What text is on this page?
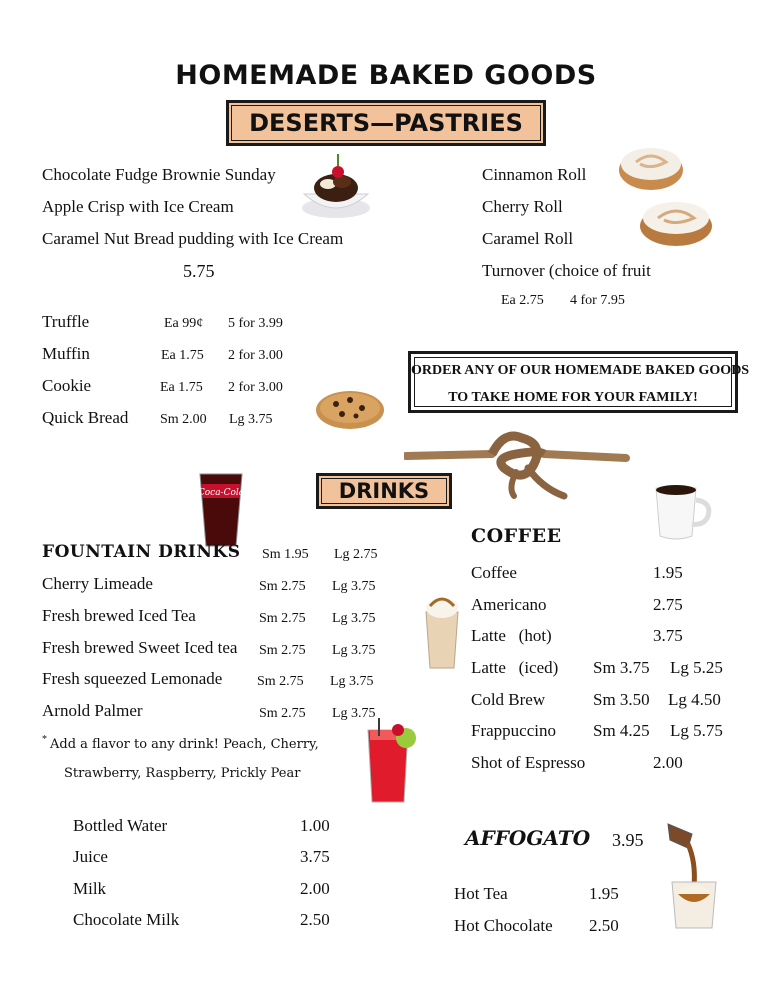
HOMEMADE BAKED GOODS
DESERTS—PASTRIES
Chocolate Fudge Brownie Sunday
Apple Crisp with Ice Cream
Caramel Nut Bread pudding with Ice Cream
5.75
Cinnamon Roll
Cherry Roll
Caramel Roll
Turnover (choice of fruit
Ea 2.75 4 for 7.95
Truffle	Ea 99¢ 5 for 3.99
Muffin	Ea 1.75 2 for 3.00
Cookie	Ea 1.75 2 for 3.00
Quick Bread Sm 2.00 Lg 3.75
ORDER ANY OF OUR HOMEMADE BAKED GOODS
TO TAKE HOME FOR YOUR FAMILY!
DRINKS
Coca-Cola
FOUNTAIN DRINKS Sm 1.95 Lg 2.75
Cherry Limeade	Sm 2.75 Lg 3.75
Fresh brewed Iced Tea	Sm 2.75 Lg 3.75
Fresh brewed Sweet Iced tea Sm 2.75 Lg 3.75
Fresh squeezed Lemonade Sm 2.75 Lg 3.75
Arnold Palmer	Sm 2.75 Lg 3.75
* Add a flavor to any drink! Peach, Cherry,
Strawberry, Raspberry, Prickly Pear
Bottled Water	1.00
Juice	3.75
Milk	2.00
Chocolate Milk	2.50
COFFEE
Coffee	1.95
Americano	2.75
Latte   (hot)	3.75
Latte   (iced) Sm 3.75 Lg 5.25
Cold Brew	Sm 3.50 Lg 4.50
Frappuccino Sm 4.25 Lg 5.75
Shot of Espresso	2.00
AFFOGATO 3.95
Hot Tea	1.95
Hot Chocolate 2.50
